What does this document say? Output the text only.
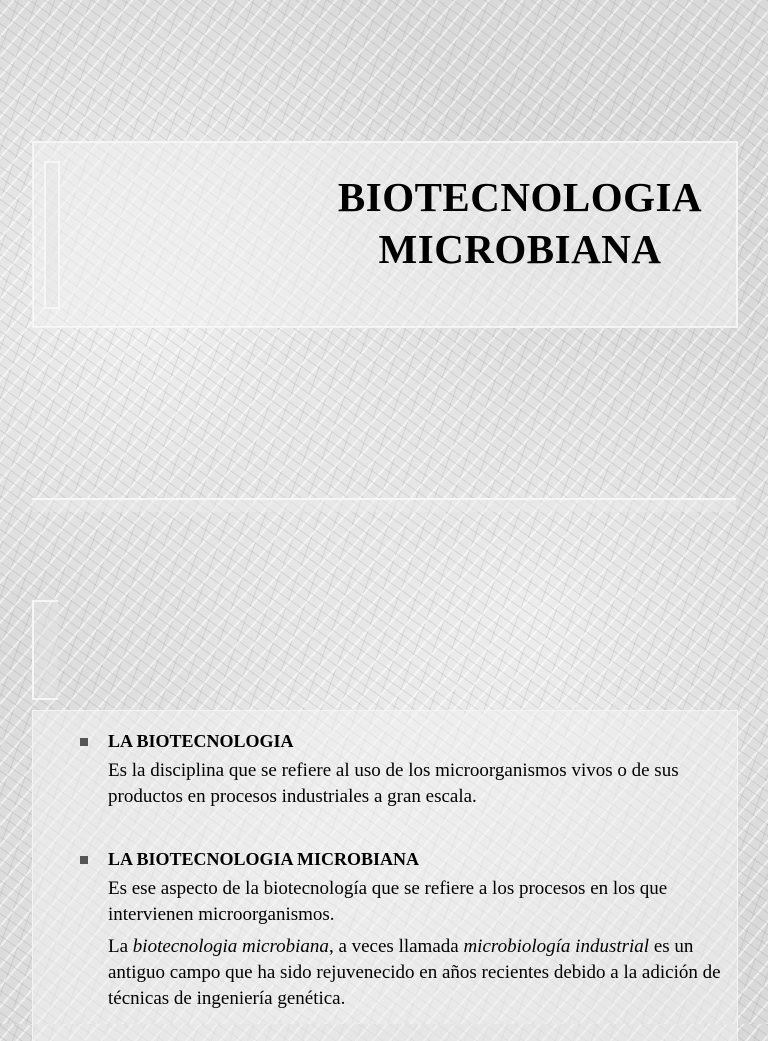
BIOTECNOLOGIA
MICROBIANA
LA BIOTECNOLOGIA

Es la disciplina que se refiere al uso de los microorganismos vivos o de sus productos en procesos industriales a gran escala.

LA BIOTECNOLOGIA MICROBIANA

Es ese aspecto de la biotecnología que se refiere a los procesos en los que intervienen microorganismos.

La biotecnologia microbiana, a veces llamada microbiología industrial es un antiguo campo que ha sido rejuvenecido en años recientes debido a la adición de técnicas de ingeniería genética.
